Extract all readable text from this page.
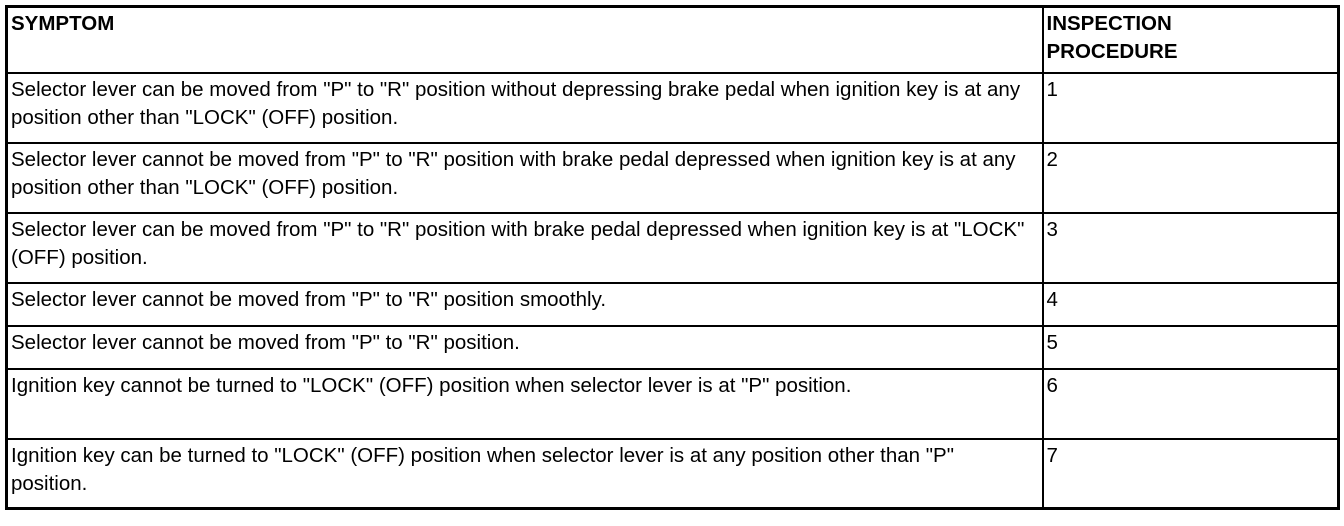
SYMPTOM	INSPECTION PROCEDURE
Selector lever can be moved from "P" to "R" position without depressing brake pedal when ignition key is at any position other than "LOCK" (OFF) position.	1
Selector lever cannot be moved from "P" to "R" position with brake pedal depressed when ignition key is at any position other than "LOCK" (OFF) position.	2
Selector lever can be moved from "P" to "R" position with brake pedal depressed when ignition key is at "LOCK" (OFF) position.	3
Selector lever cannot be moved from "P" to "R" position smoothly.	4
Selector lever cannot be moved from "P" to "R" position.	5
Ignition key cannot be turned to "LOCK" (OFF) position when selector lever is at "P" position.	6
Ignition key can be turned to "LOCK" (OFF) position when selector lever is at any position other than "P" position.	7
